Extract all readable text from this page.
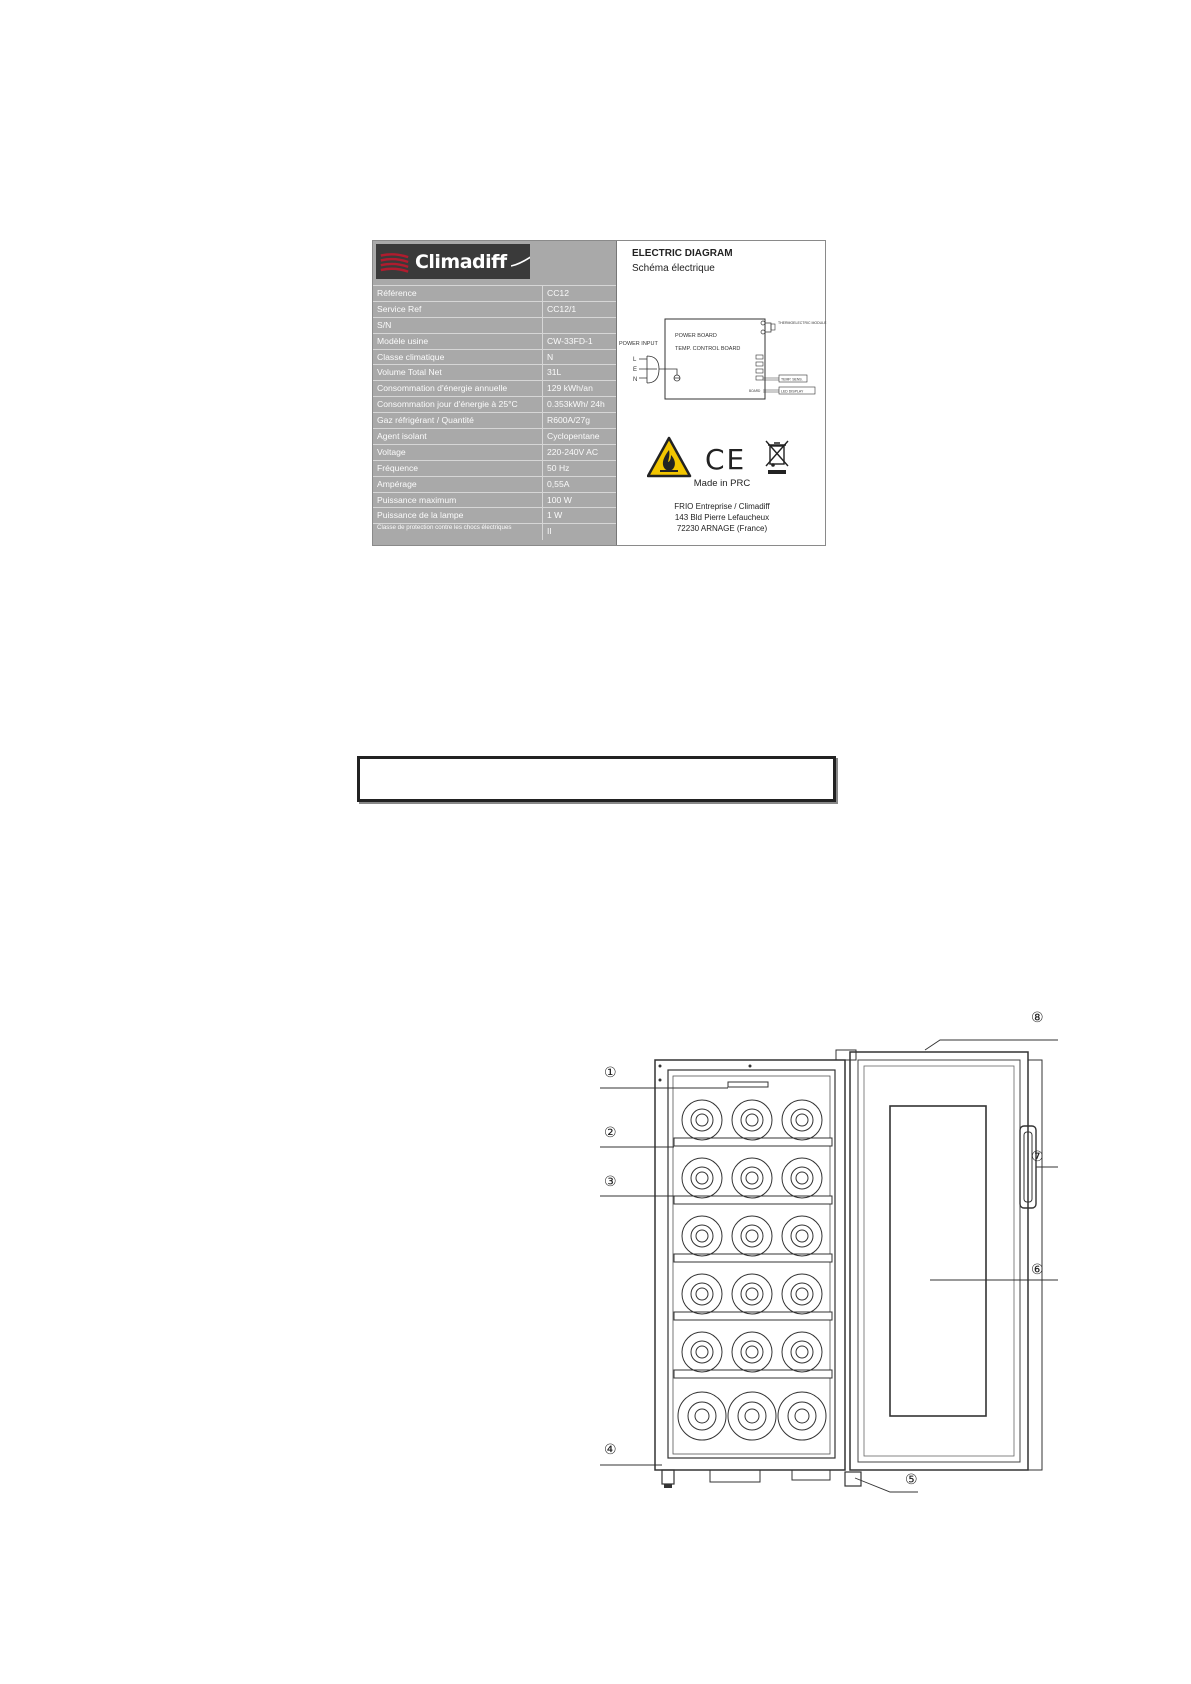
Climadiff
Référence	CC12
Service Ref	CC12/1
S/N
Modèle usine	CW-33FD-1
Classe climatique	N
Volume Total Net	31L
Consommation d'énergie annuelle	129 kWh/an
Consommation jour d'énergie à 25°C	0.353kWh/ 24h
Gaz réfrigérant / Quantité	R600A/27g
Agent isolant	Cyclopentane
Voltage	220-240V AC
Fréquence	50 Hz
Ampérage	0,55A
Puissance maximum	100 W
Puissance de la lampe	1 W
Classe de protection contre les chocs électriques	II
ELECTRIC DIAGRAM
Schéma électrique
POWER BOARD
TEMP. CONTROL BOARD
POWER INPUT
L
E
N
THERMOELECTRIC MODULE
TEMP. SENS.
BOARD	LED DISPLAY
CE
Made in PRC
FRIO Entreprise / Climadiff
143 Bld Pierre Lefaucheux
72230 ARNAGE (France)
①
②
③
④
⑤
⑥
⑦
⑧
